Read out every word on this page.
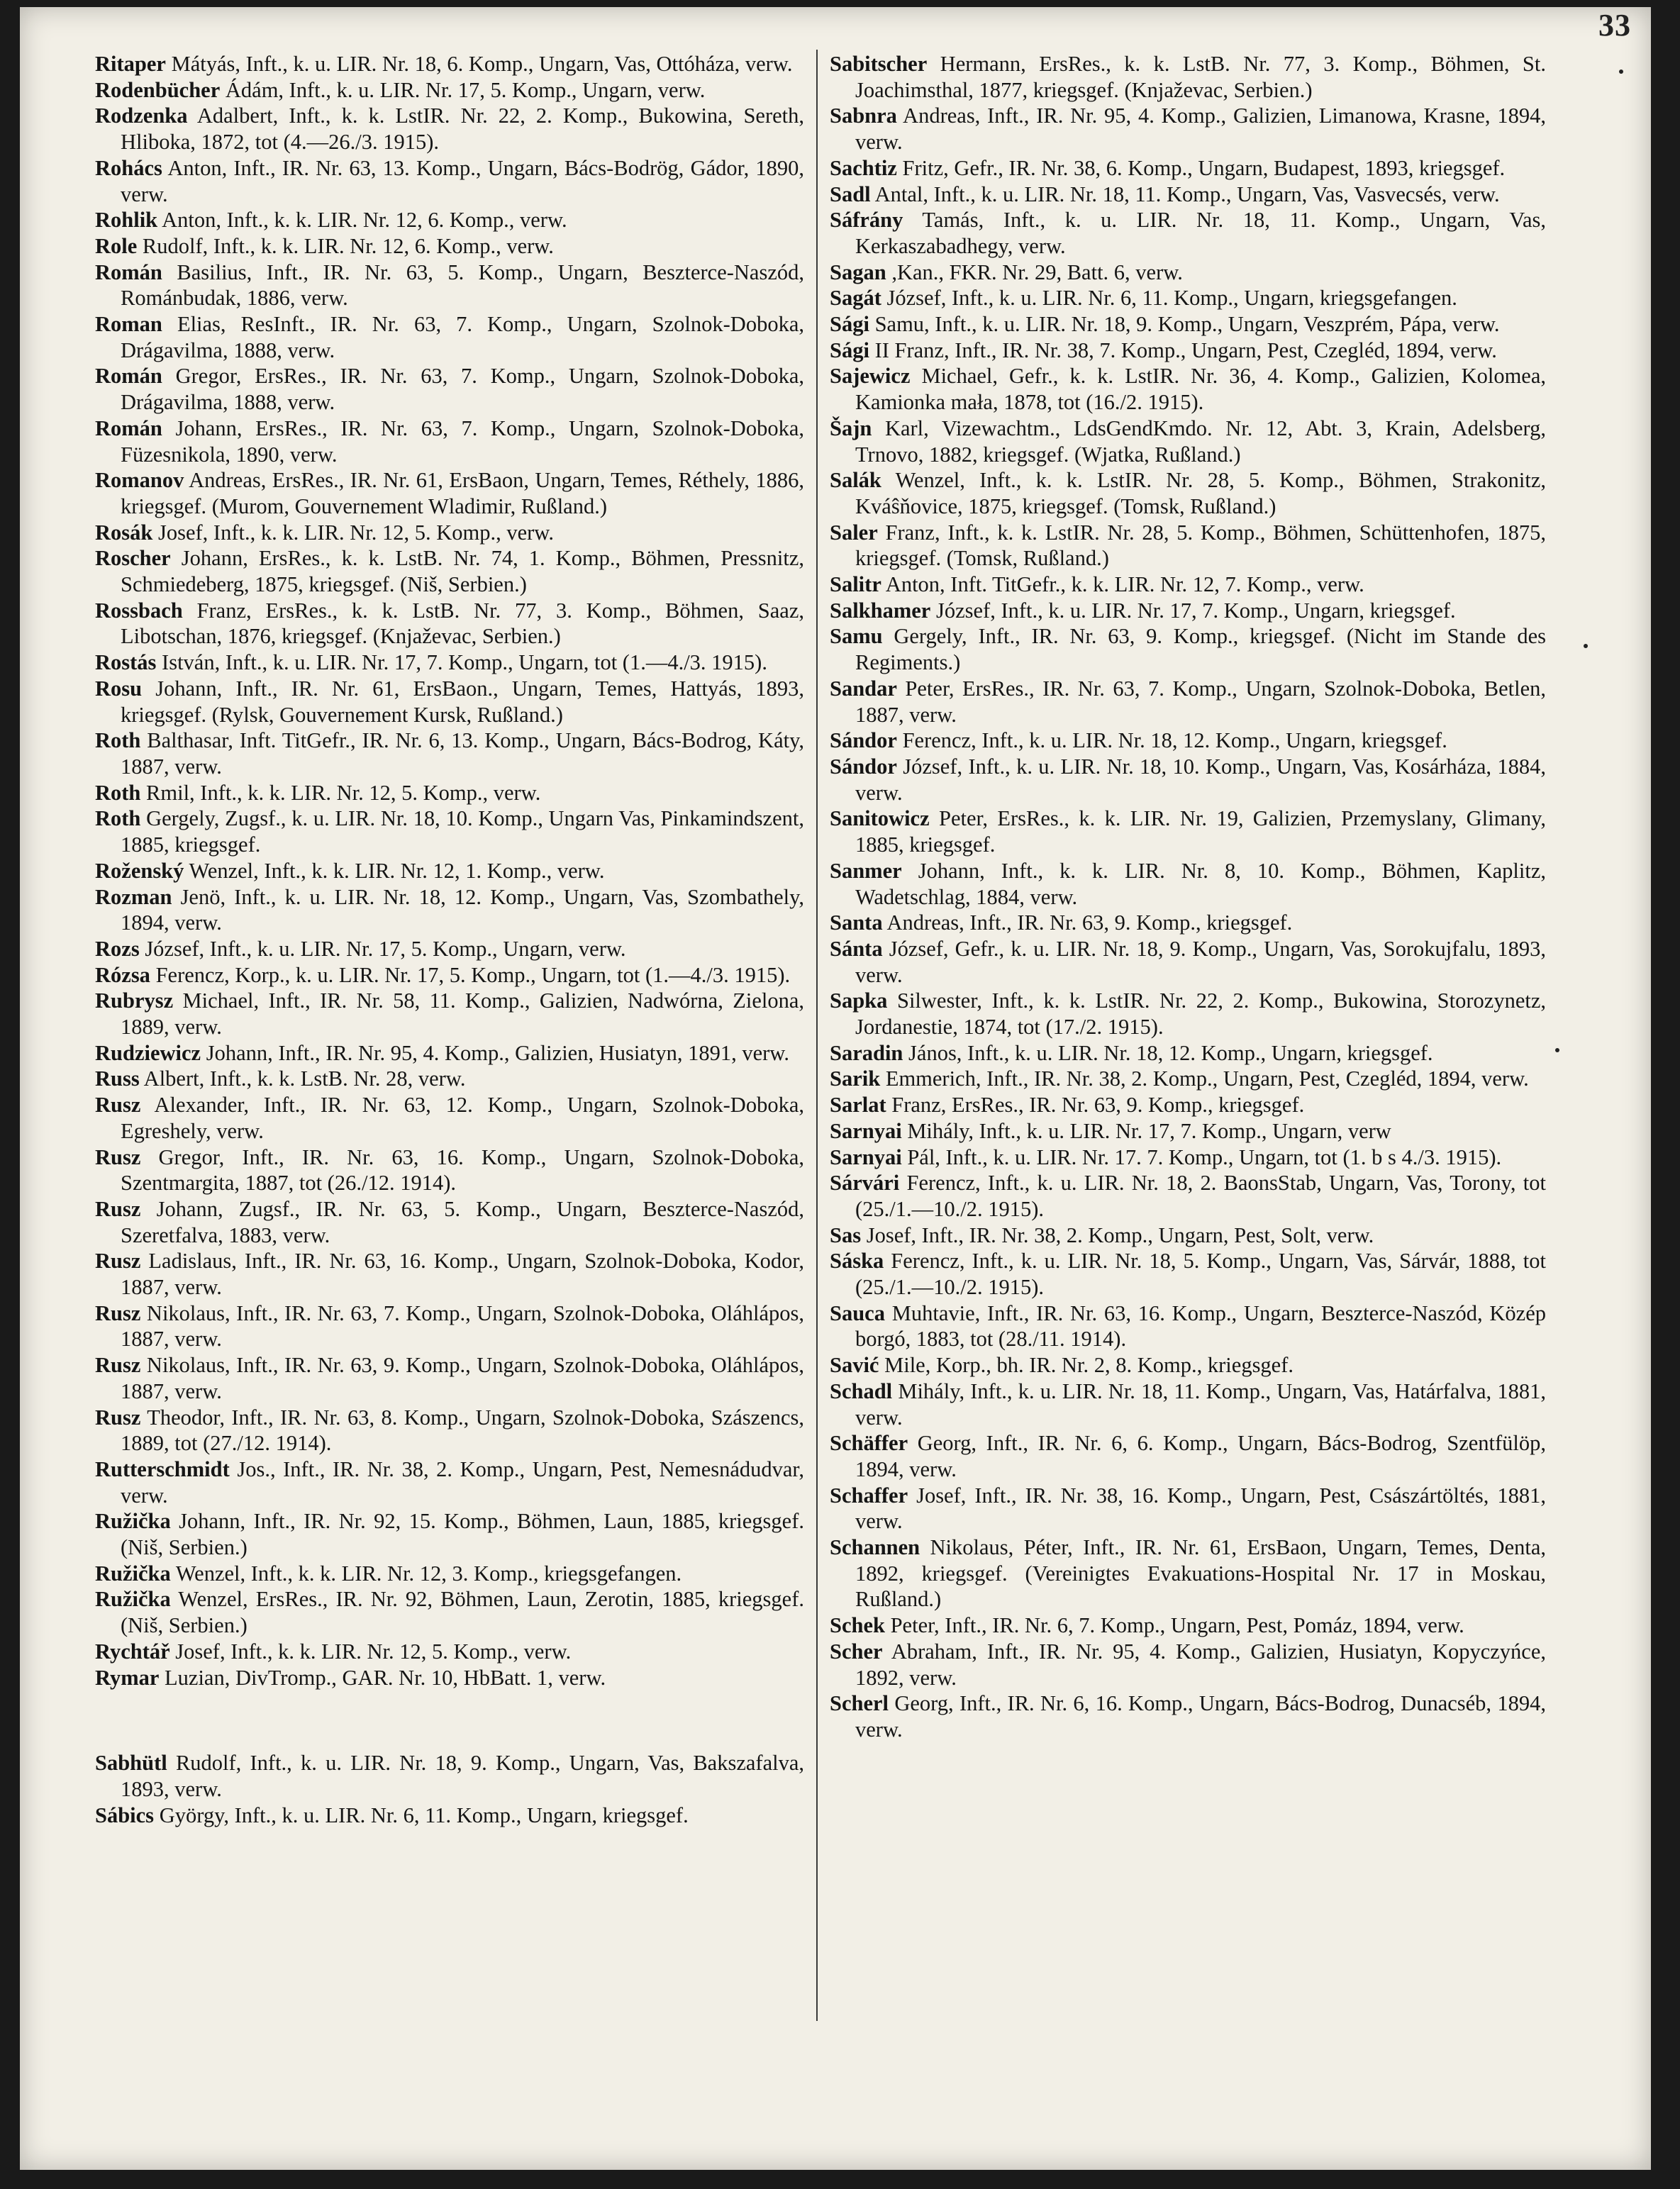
33

Ritaper Mátyás, Inft., k. u. LIR. Nr. 18, 6. Komp., Ungarn, Vas, Ottóháza, verw.

Rodenbücher Ádám, Inft., k. u. LIR. Nr. 17, 5. Komp., Ungarn, verw.

Rodzenka Adalbert, Inft., k. k. LstIR. Nr. 22, 2. Komp., Bukowina, Sereth, Hliboka, 1872, tot (4.—26./3. 1915).

Rohács Anton, Inft., IR. Nr. 63, 13. Komp., Ungarn, Bács-Bodrög, Gádor, 1890, verw.

Rohlik Anton, Inft., k. k. LIR. Nr. 12, 6. Komp., verw.

Role Rudolf, Inft., k. k. LIR. Nr. 12, 6. Komp., verw.

Román Basilius, Inft., IR. Nr. 63, 5. Komp., Ungarn, Beszterce-Naszód, Románbudak, 1886, verw.

Roman Elias, ResInft., IR. Nr. 63, 7. Komp., Ungarn, Szolnok-Doboka, Drágavilma, 1888, verw.

Román Gregor, ErsRes., IR. Nr. 63, 7. Komp., Ungarn, Szolnok-Doboka, Drágavilma, 1888, verw.

Román Johann, ErsRes., IR. Nr. 63, 7. Komp., Ungarn, Szolnok-Doboka, Füzesnikola, 1890, verw.

Romanov Andreas, ErsRes., IR. Nr. 61, ErsBaon, Ungarn, Temes, Réthely, 1886, kriegsgef. (Murom, Gouvernement Wladimir, Rußland.)

Rosák Josef, Inft., k. k. LIR. Nr. 12, 5. Komp., verw.

Roscher Johann, ErsRes., k. k. LstB. Nr. 74, 1. Komp., Böhmen, Pressnitz, Schmiedeberg, 1875, kriegsgef. (Niš, Serbien.)

Rossbach Franz, ErsRes., k. k. LstB. Nr. 77, 3. Komp., Böhmen, Saaz, Libotschan, 1876, kriegsgef. (Knjaževac, Serbien.)

Rostás István, Inft., k. u. LIR. Nr. 17, 7. Komp., Ungarn, tot (1.—4./3. 1915).

Rosu Johann, Inft., IR. Nr. 61, ErsBaon., Ungarn, Temes, Hattyás, 1893, kriegsgef. (Rylsk, Gouvernement Kursk, Rußland.)

Roth Balthasar, Inft. TitGefr., IR. Nr. 6, 13. Komp., Ungarn, Bács-Bodrog, Káty, 1887, verw.

Roth Rmil, Inft., k. k. LIR. Nr. 12, 5. Komp., verw.

Roth Gergely, Zugsf., k. u. LIR. Nr. 18, 10. Komp., Ungarn Vas, Pinkamindszent, 1885, kriegsgef.

Roženský Wenzel, Inft., k. k. LIR. Nr. 12, 1. Komp., verw.

Rozman Jenö, Inft., k. u. LIR. Nr. 18, 12. Komp., Ungarn, Vas, Szombathely, 1894, verw.

Rozs József, Inft., k. u. LIR. Nr. 17, 5. Komp., Ungarn, verw.

Rózsa Ferencz, Korp., k. u. LIR. Nr. 17, 5. Komp., Ungarn, tot (1.—4./3. 1915).

Rubrysz Michael, Inft., IR. Nr. 58, 11. Komp., Galizien, Nadwórna, Zielona, 1889, verw.

Rudziewicz Johann, Inft., IR. Nr. 95, 4. Komp., Galizien, Husiatyn, 1891, verw.

Russ Albert, Inft., k. k. LstB. Nr. 28, verw.

Rusz Alexander, Inft., IR. Nr. 63, 12. Komp., Ungarn, Szolnok-Doboka, Egreshely, verw.

Rusz Gregor, Inft., IR. Nr. 63, 16. Komp., Ungarn, Szolnok-Doboka, Szentmargita, 1887, tot (26./12. 1914).

Rusz Johann, Zugsf., IR. Nr. 63, 5. Komp., Ungarn, Beszterce-Naszód, Szeretfalva, 1883, verw.

Rusz Ladislaus, Inft., IR. Nr. 63, 16. Komp., Ungarn, Szolnok-Doboka, Kodor, 1887, verw.

Rusz Nikolaus, Inft., IR. Nr. 63, 7. Komp., Ungarn, Szolnok-Doboka, Oláhlápos, 1887, verw.

Rusz Nikolaus, Inft., IR. Nr. 63, 9. Komp., Ungarn, Szolnok-Doboka, Oláhlápos, 1887, verw.

Rusz Theodor, Inft., IR. Nr. 63, 8. Komp., Ungarn, Szolnok-Doboka, Szászencs, 1889, tot (27./12. 1914).

Rutterschmidt Jos., Inft., IR. Nr. 38, 2. Komp., Ungarn, Pest, Nemesnádudvar, verw.

Ružička Johann, Inft., IR. Nr. 92, 15. Komp., Böhmen, Laun, 1885, kriegsgef. (Niš, Serbien.)

Ružička Wenzel, Inft., k. k. LIR. Nr. 12, 3. Komp., kriegsgefangen.

Ružička Wenzel, ErsRes., IR. Nr. 92, Böhmen, Laun, Zerotin, 1885, kriegsgef. (Niš, Serbien.)

Rychtář Josef, Inft., k. k. LIR. Nr. 12, 5. Komp., verw.

Rymar Luzian, DivTromp., GAR. Nr. 10, HbBatt. 1, verw.

Sabhütl Rudolf, Inft., k. u. LIR. Nr. 18, 9. Komp., Ungarn, Vas, Bakszafalva, 1893, verw.

Sábics György, Inft., k. u. LIR. Nr. 6, 11. Komp., Ungarn, kriegsgef.

Sabitscher Hermann, ErsRes., k. k. LstB. Nr. 77, 3. Komp., Böhmen, St. Joachimsthal, 1877, kriegsgef. (Knjaževac, Serbien.)

Sabnra Andreas, Inft., IR. Nr. 95, 4. Komp., Galizien, Limanowa, Krasne, 1894, verw.

Sachtiz Fritz, Gefr., IR. Nr. 38, 6. Komp., Ungarn, Budapest, 1893, kriegsgef.

Sadl Antal, Inft., k. u. LIR. Nr. 18, 11. Komp., Ungarn, Vas, Vasvecsés, verw.

Sáfrány Tamás, Inft., k. u. LIR. Nr. 18, 11. Komp., Ungarn, Vas, Kerkaszabadhegy, verw.

Sagan ,Kan., FKR. Nr. 29, Batt. 6, verw.

Sagát József, Inft., k. u. LIR. Nr. 6, 11. Komp., Ungarn, kriegsgefangen.

Sági Samu, Inft., k. u. LIR. Nr. 18, 9. Komp., Ungarn, Veszprém, Pápa, verw.

Sági II Franz, Inft., IR. Nr. 38, 7. Komp., Ungarn, Pest, Czegléd, 1894, verw.

Sajewicz Michael, Gefr., k. k. LstIR. Nr. 36, 4. Komp., Galizien, Kolomea, Kamionka mała, 1878, tot (16./2. 1915).

Šajn Karl, Vizewachtm., LdsGendKmdo. Nr. 12, Abt. 3, Krain, Adelsberg, Trnovo, 1882, kriegsgef. (Wjatka, Rußland.)

Salák Wenzel, Inft., k. k. LstIR. Nr. 28, 5. Komp., Böhmen, Strakonitz, Kváŝňovice, 1875, kriegsgef. (Tomsk, Rußland.)

Saler Franz, Inft., k. k. LstIR. Nr. 28, 5. Komp., Böhmen, Schüttenhofen, 1875, kriegsgef. (Tomsk, Rußland.)

Salitr Anton, Inft. TitGefr., k. k. LIR. Nr. 12, 7. Komp., verw.

Salkhamer József, Inft., k. u. LIR. Nr. 17, 7. Komp., Ungarn, kriegsgef.

Samu Gergely, Inft., IR. Nr. 63, 9. Komp., kriegsgef. (Nicht im Stande des Regiments.)

Sandar Peter, ErsRes., IR. Nr. 63, 7. Komp., Ungarn, Szolnok-Doboka, Betlen, 1887, verw.

Sándor Ferencz, Inft., k. u. LIR. Nr. 18, 12. Komp., Ungarn, kriegsgef.

Sándor József, Inft., k. u. LIR. Nr. 18, 10. Komp., Ungarn, Vas, Kosárháza, 1884, verw.

Sanitowicz Peter, ErsRes., k. k. LIR. Nr. 19, Galizien, Przemyslany, Glimany, 1885, kriegsgef.

Sanmer Johann, Inft., k. k. LIR. Nr. 8, 10. Komp., Böhmen, Kaplitz, Wadetschlag, 1884, verw.

Santa Andreas, Inft., IR. Nr. 63, 9. Komp., kriegsgef.

Sánta József, Gefr., k. u. LIR. Nr. 18, 9. Komp., Ungarn, Vas, Sorokujfalu, 1893, verw.

Sapka Silwester, Inft., k. k. LstIR. Nr. 22, 2. Komp., Bukowina, Storozynetz, Jordanestie, 1874, tot (17./2. 1915).

Saradin János, Inft., k. u. LIR. Nr. 18, 12. Komp., Ungarn, kriegsgef.

Sarik Emmerich, Inft., IR. Nr. 38, 2. Komp., Ungarn, Pest, Czegléd, 1894, verw.

Sarlat Franz, ErsRes., IR. Nr. 63, 9. Komp., kriegsgef.

Sarnyai Mihály, Inft., k. u. LIR. Nr. 17, 7. Komp., Ungarn, verw

Sarnyai Pál, Inft., k. u. LIR. Nr. 17. 7. Komp., Ungarn, tot (1. b s 4./3. 1915).

Sárvári Ferencz, Inft., k. u. LIR. Nr. 18, 2. BaonsStab, Ungarn, Vas, Torony, tot (25./1.—10./2. 1915).

Sas Josef, Inft., IR. Nr. 38, 2. Komp., Ungarn, Pest, Solt, verw.

Sáska Ferencz, Inft., k. u. LIR. Nr. 18, 5. Komp., Ungarn, Vas, Sárvár, 1888, tot (25./1.—10./2. 1915).

Sauca Muhtavie, Inft., IR. Nr. 63, 16. Komp., Ungarn, Beszterce-Naszód, Közép borgó, 1883, tot (28./11. 1914).

Savić Mile, Korp., bh. IR. Nr. 2, 8. Komp., kriegsgef.

Schadl Mihály, Inft., k. u. LIR. Nr. 18, 11. Komp., Ungarn, Vas, Határfalva, 1881, verw.

Schäffer Georg, Inft., IR. Nr. 6, 6. Komp., Ungarn, Bács-Bodrog, Szentfülöp, 1894, verw.

Schaffer Josef, Inft., IR. Nr. 38, 16. Komp., Ungarn, Pest, Császártöltés, 1881, verw.

Schannen Nikolaus, Péter, Inft., IR. Nr. 61, ErsBaon, Ungarn, Temes, Denta, 1892, kriegsgef. (Vereinigtes Evakuations-Hospital Nr. 17 in Moskau, Rußland.)

Schek Peter, Inft., IR. Nr. 6, 7. Komp., Ungarn, Pest, Pomáz, 1894, verw.

Scher Abraham, Inft., IR. Nr. 95, 4. Komp., Galizien, Husiatyn, Kopyczyńce, 1892, verw.

Scherl Georg, Inft., IR. Nr. 6, 16. Komp., Ungarn, Bács-Bodrog, Dunacséb, 1894, verw.
